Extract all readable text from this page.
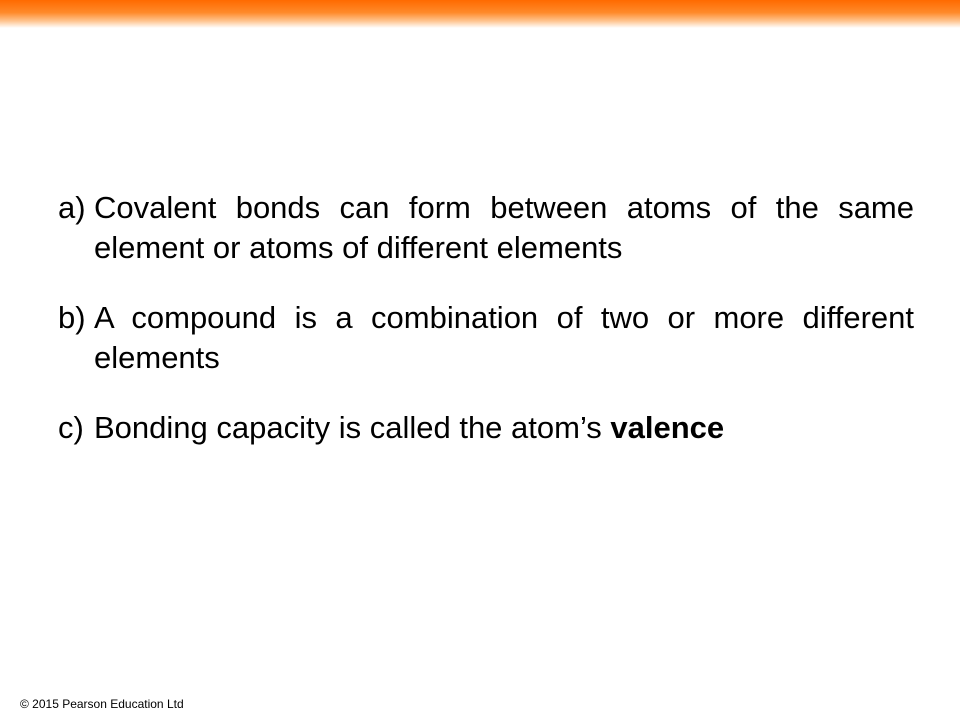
a) Covalent bonds can form between atoms of the same element or atoms of different elements
b) A compound is a combination of two or more different elements
c) Bonding capacity is called the atom’s valence
© 2015 Pearson Education Ltd
